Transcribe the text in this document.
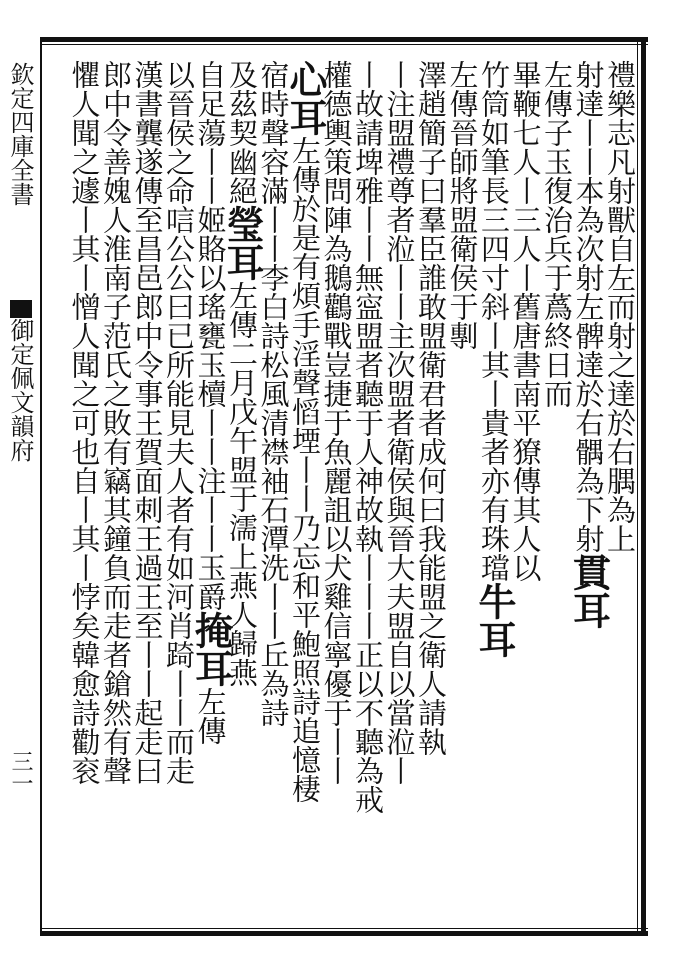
欽定四庫全書
御定佩文韻府
三一
禮樂志凡射獸自左而射之達於右腢為上
射達丨丨本為次射左髀達於右髃為下射貫耳
左傳子玉復治兵于蔿終日而
畢鞭七人丨三人丨舊唐書南平獠傳其人以
竹筒如筆長三四寸斜丨其丨貴者亦有珠璫牛耳
左傳晉師將盟衛侯于剸
澤趙簡子曰羣臣誰敢盟衛君者成何曰我能盟之衛人請執
丨注盟禮尊者涖丨丨主次盟者衛侯與晉大夫盟自以當涖丨
丨故請埤雅丨丨無寍盟者聽于人神故執丨丨丨正以不聽為戒
權德輿策問陣為鵝鸛戰豈捷于魚麗詛以犬雞信寧優于丨丨
心耳左傳於是有煩手淫聲慆堙丨丨乃忘和平鮑照詩追憶棲
宿時聲容滿丨丨李白詩松風清襟袖石潭洗丨丨丘為詩
及茲契幽絕瑩耳左傳二月戊午盟于濡上燕人歸燕
自足蕩丨丨姬賂以瑤甕玉櫝丨丨注丨丨玉爵掩耳左傳
以晉侯之命唁公公曰已所能見夫人者有如河肖踦丨丨而走
漢書龔遂傳至昌邑郎中令事王賀面刺王過王至丨丨起走曰
郎中令善媿人淮南子范氏之敗有竊其鐘負而走者鎗然有聲
懼人聞之遽丨其丨憎人聞之可也自丨其丨悖矣韓愈詩勸衮
